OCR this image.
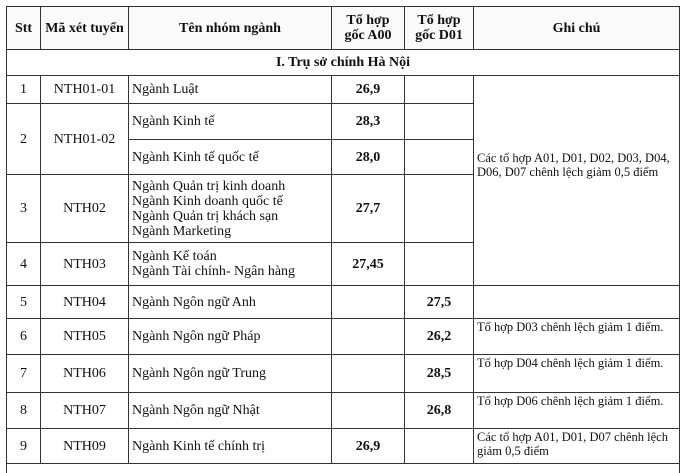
Stt	Mã xét tuyển	Tên nhóm ngành	Tổ hợp gốc A00	Tổ hợp gốc D01	Ghi chú
I. Trụ sở chính Hà Nội					
1	NTH01-01	Ngành Luật	26,9		Các tổ hợp A01, D01, D02, D03, D04, D06, D07 chênh lệch giảm 0,5 điểm
2	NTH01-02	Ngành Kinh tế	28,3		
		Ngành Kinh tế quốc tế	28,0		
3	NTH02	Ngành Quản trị kinh doanh
Ngành Kinh doanh quốc tế
Ngành Quản trị khách sạn
Ngành Marketing	27,7		
4	NTH03	Ngành Kế toán
Ngành Tài chính- Ngân hàng	27,45		
5	NTH04	Ngành Ngôn ngữ Anh		27,5	
6	NTH05	Ngành Ngôn ngữ Pháp		26,2	Tổ hợp D03 chênh lệch giảm 1 điểm.
7	NTH06	Ngành Ngôn ngữ Trung		28,5	Tổ hợp D04 chênh lệch giảm 1 điểm.
8	NTH07	Ngành Ngôn ngữ Nhật		26,8	Tổ hợp D06 chênh lệch giảm 1 điểm.
9	NTH09	Ngành Kinh tế chính trị	26,9		Các tổ hợp A01, D01, D07 chênh lệch giảm 0,5 điểm
